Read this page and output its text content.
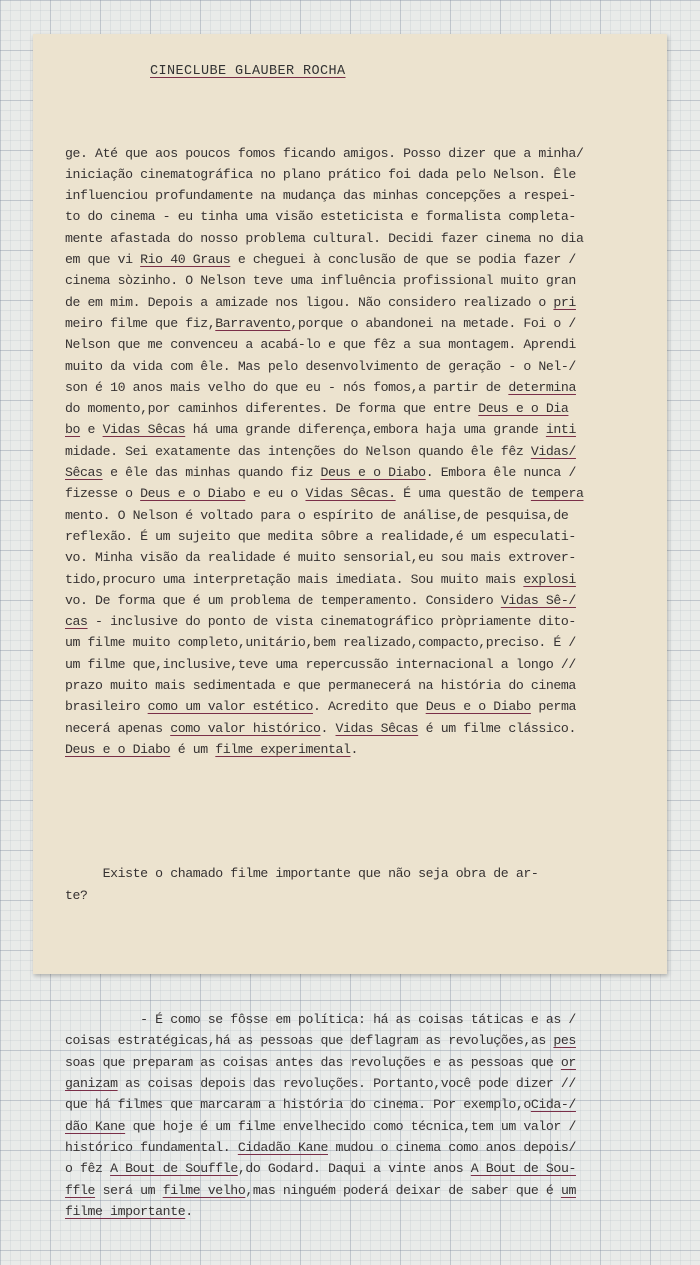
CINECLUBE GLAUBER ROCHA

ge. Até que aos poucos fomos ficando amigos. Posso dizer que a minha/
iniciação cinematográfica no plano prático foi dada pelo Nelson. Êle
influenciou profundamente na mudança das minhas concepções a respei-
to do cinema - eu tinha uma visão esteticista e formalista completa-
mente afastada do nosso problema cultural. Decidi fazer cinema no dia
em que vi Rio 40 Graus e cheguei à conclusão de que se podia fazer /
cinema sòzinho. O Nelson teve uma influência profissional muito gran
de em mim. Depois a amizade nos ligou. Não considero realizado o pri
meiro filme que fiz,Barravento,porque o abandonei na metade. Foi o /
Nelson que me convenceu a acabá-lo e que fêz a sua montagem. Aprendi
muito da vida com êle. Mas pelo desenvolvimento de geração - o Nel-/
son é 10 anos mais velho do que eu - nós fomos,a partir de determina
do momento,por caminhos diferentes. De forma que entre Deus e o Dia
bo e Vidas Sêcas há uma grande diferença,embora haja uma grande inti
midade. Sei exatamente das intenções do Nelson quando êle fêz Vidas/
Sêcas e êle das minhas quando fiz Deus e o Diabo. Embora êle nunca /
fizesse o Deus e o Diabo e eu o Vidas Sêcas. É uma questão de tempera
mento. O Nelson é voltado para o espírito de análise,de pesquisa,de
reflexão. É um sujeito que medita sôbre a realidade,é um especulati-
vo. Minha visão da realidade é muito sensorial,eu sou mais extrover-
tido,procuro uma interpretação mais imediata. Sou muito mais explosi
vo. De forma que é um problema de temperamento. Considero Vidas Sê-/
cas - inclusive do ponto de vista cinematográfico pròpriamente dito-
um filme muito completo,unitário,bem realizado,compacto,preciso. É /
um filme que,inclusive,teve uma repercussão internacional a longo //
prazo muito mais sedimentada e que permanecerá na história do cinema
brasileiro como um valor estético. Acredito que Deus e o Diabo perma
necerá apenas como valor histórico. Vidas Sêcas é um filme clássico.
Deus e o Diabo é um filme experimental.

Existe o chamado filme importante que não seja obra de ar-
te?

- É como se fôsse em política: há as coisas táticas e as /
coisas estratégicas,há as pessoas que deflagram as revoluções,as pes
soas que preparam as coisas antes das revoluções e as pessoas que or
ganizam as coisas depois das revoluções. Portanto,você pode dizer //
que há filmes que marcaram a história do cinema. Por exemplo,oCida-/
dão Kane que hoje é um filme envelhecido como técnica,tem um valor /
histórico fundamental. Cidadão Kane mudou o cinema como anos depois/
o fêz A Bout de Souffle,do Godard. Daqui a vinte anos A Bout de Sou-
ffle será um filme velho,mas ninguém poderá deixar de saber que é um
filme importante.
